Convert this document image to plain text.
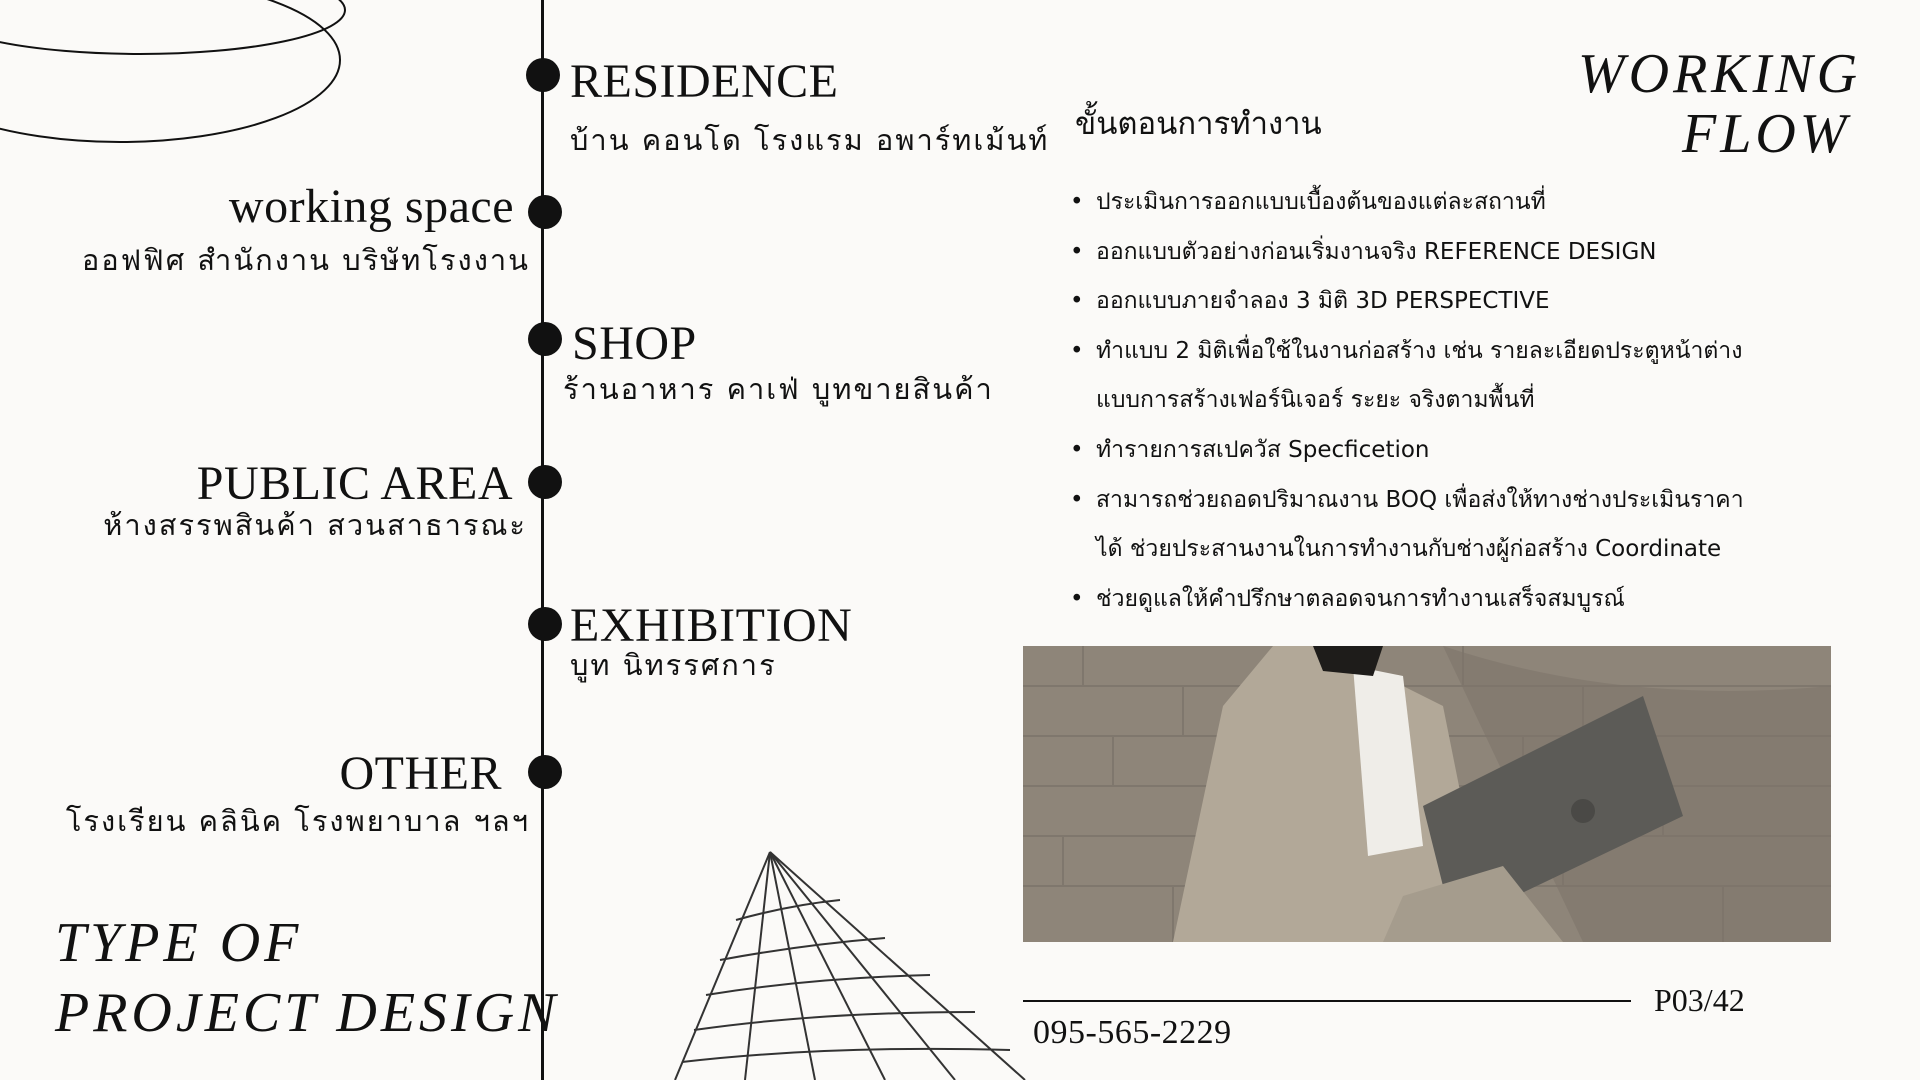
RESIDENCE
บ้าน คอนโด โรงแรม อพาร์ทเม้นท์
working space
ออฟฟิศ สำนักงาน บริษัทโรงงาน
SHOP
ร้านอาหาร คาเฟ่ บูทขายสินค้า
PUBLIC AREA
ห้างสรรพสินค้า สวนสาธารณะ
EXHIBITION
บูท นิทรรศการ
OTHER
โรงเรียน คลินิค โรงพยาบาล ฯลฯ
TYPE OF
PROJECT DESIGN
WORKING
FLOW
ขั้นตอนการทำงาน
• ประเมินการออกแบบเบื้องต้นของแต่ละสถานที่
• ออกแบบตัวอย่างก่อนเริ่มงานจริง REFERENCE DESIGN
• ออกแบบภายจำลอง 3 มิติ 3D PERSPECTIVE
• ทำแบบ 2 มิติเพื่อใช้ในงานก่อสร้าง เช่น รายละเอียดประตูหน้าต่าง
แบบการสร้างเฟอร์นิเจอร์ ระยะ จริงตามพื้นที่
• ทำรายการสเปควัส Specficetion
• สามารถช่วยถอดปริมาณงาน BOQ เพื่อส่งให้ทางช่างประเมินราคา
ได้ ช่วยประสานงานในการทำงานกับช่างผู้ก่อสร้าง Coordinate
• ช่วยดูแลให้คำปรึกษาตลอดจนการทำงานเสร็จสมบูรณ์
P03/42
095-565-2229
